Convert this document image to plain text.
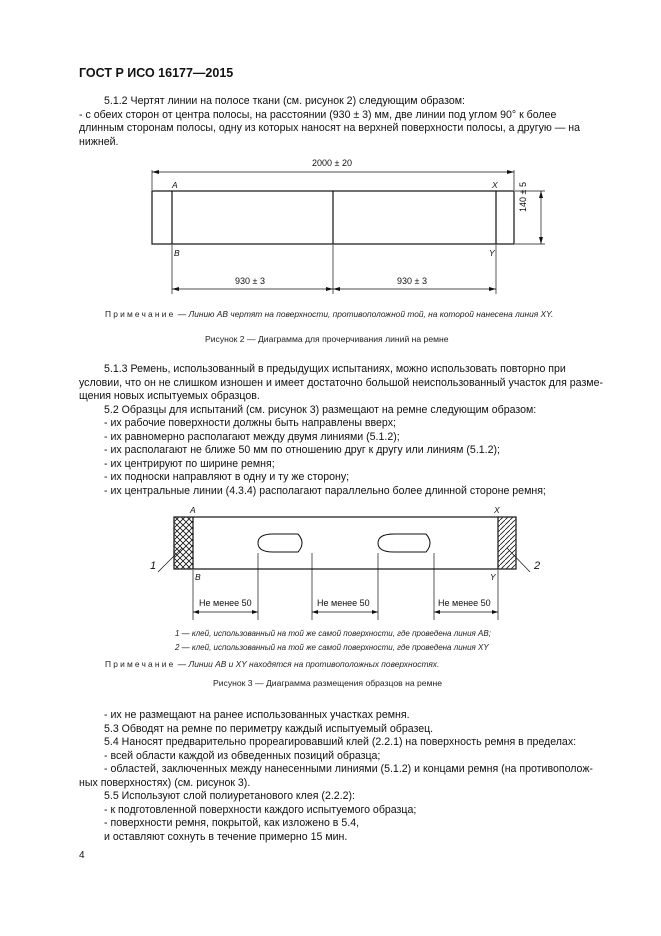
ГОСТ Р ИСО 16177—2015
5.1.2 Чертят линии на полосе ткани (см. рисунок 2) следующим образом:
- с обеих сторон от центра полосы, на расстоянии (930 ± 3) мм, две линии под углом 90° к более
длинным сторонам полосы, одну из которых наносят на верхней поверхности полосы, а другую — на
нижней.
2000 ± 20
A
B
X
Y
140 ± 5
930 ± 3	930 ± 3
Примечание — Линию AB чертят на поверхности, противоположной той, на которой нанесена линия XY.
Рисунок 2 — Диаграмма для прочерчивания линий на ремне
5.1.3 Ремень, использованный в предыдущих испытаниях, можно использовать повторно при
условии, что он не слишком изношен и имеет достаточно большой неиспользованный участок для разме-
щения новых испытуемых образцов.
5.2 Образцы для испытаний (см. рисунок 3) размещают на ремне следующим образом:
- их рабочие поверхности должны быть направлены вверх;
- их равномерно располагают между двумя линиями (5.1.2);
- их располагают не ближе 50 мм по отношению друг к другу или линиям (5.1.2);
- их центрируют по ширине ремня;
- их подноски направляют в одну и ту же сторону;
- их центральные линии (4.3.4) располагают параллельно более длинной стороне ремня;
A
B
X
Y
1	2
Не менее 50	Не менее 50	Не менее 50
1 — клей, использованный на той же самой поверхности, где проведена линия AB;
2 — клей, использованный на той же самой поверхности, где проведена линия XY
Примечание — Линии AB и XY находятся на противоположных поверхностях.
Рисунок 3 — Диаграмма размещения образцов на ремне
- их не размещают на ранее использованных участках ремня.
5.3 Обводят на ремне по периметру каждый испытуемый образец.
5.4 Наносят предварительно прореагировавший клей (2.2.1) на поверхность ремня в пределах:
- всей области каждой из обведенных позиций образца;
- областей, заключенных между нанесенными линиями (5.1.2) и концами ремня (на противополож-
ных поверхностях) (см. рисунок 3).
5.5 Используют слой полиуретанового клея (2.2.2):
- к подготовленной поверхности каждого испытуемого образца;
- поверхности ремня, покрытой, как изложено в 5.4,
и оставляют сохнуть в течение примерно 15 мин.
4
